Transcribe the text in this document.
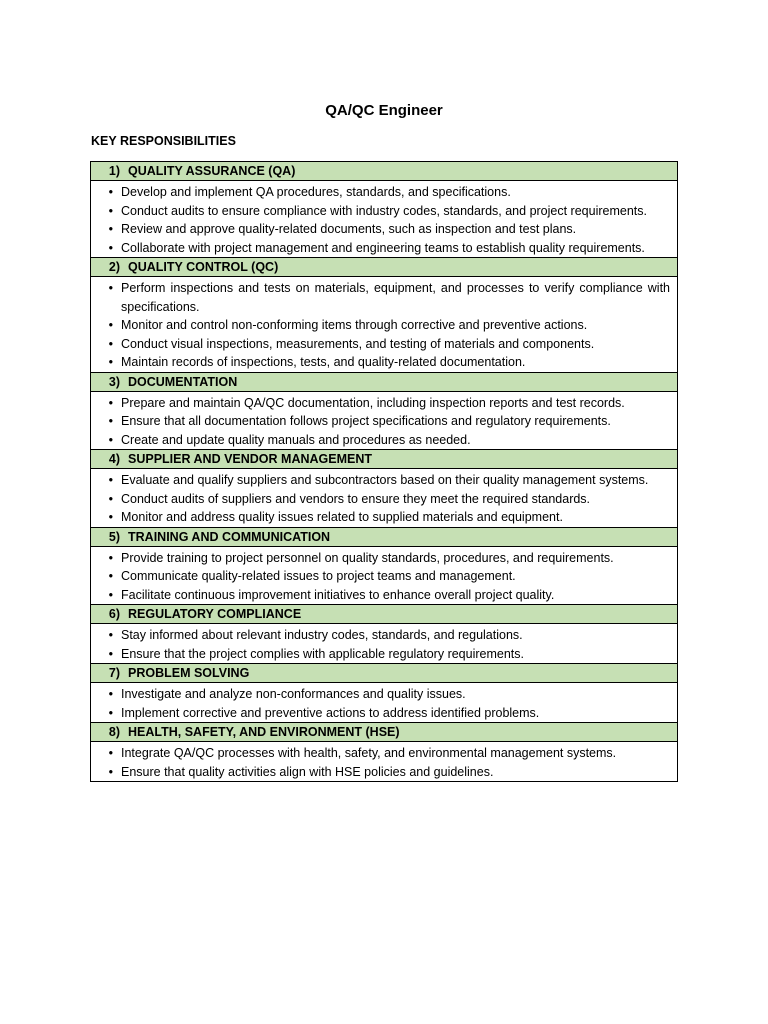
QA/QC Engineer
KEY RESPONSIBILITIES
1) QUALITY ASSURANCE (QA)
• Develop and implement QA procedures, standards, and specifications.
• Conduct audits to ensure compliance with industry codes, standards, and project requirements.
• Review and approve quality-related documents, such as inspection and test plans.
• Collaborate with project management and engineering teams to establish quality requirements.
2) QUALITY CONTROL (QC)
• Perform inspections and tests on materials, equipment, and processes to verify compliance with specifications.
• Monitor and control non-conforming items through corrective and preventive actions.
• Conduct visual inspections, measurements, and testing of materials and components.
• Maintain records of inspections, tests, and quality-related documentation.
3) DOCUMENTATION
• Prepare and maintain QA/QC documentation, including inspection reports and test records.
• Ensure that all documentation follows project specifications and regulatory requirements.
• Create and update quality manuals and procedures as needed.
4) SUPPLIER AND VENDOR MANAGEMENT
• Evaluate and qualify suppliers and subcontractors based on their quality management systems.
• Conduct audits of suppliers and vendors to ensure they meet the required standards.
• Monitor and address quality issues related to supplied materials and equipment.
5) TRAINING AND COMMUNICATION
• Provide training to project personnel on quality standards, procedures, and requirements.
• Communicate quality-related issues to project teams and management.
• Facilitate continuous improvement initiatives to enhance overall project quality.
6) REGULATORY COMPLIANCE
• Stay informed about relevant industry codes, standards, and regulations.
• Ensure that the project complies with applicable regulatory requirements.
7) PROBLEM SOLVING
• Investigate and analyze non-conformances and quality issues.
• Implement corrective and preventive actions to address identified problems.
8) HEALTH, SAFETY, AND ENVIRONMENT (HSE)
• Integrate QA/QC processes with health, safety, and environmental management systems.
• Ensure that quality activities align with HSE policies and guidelines.
